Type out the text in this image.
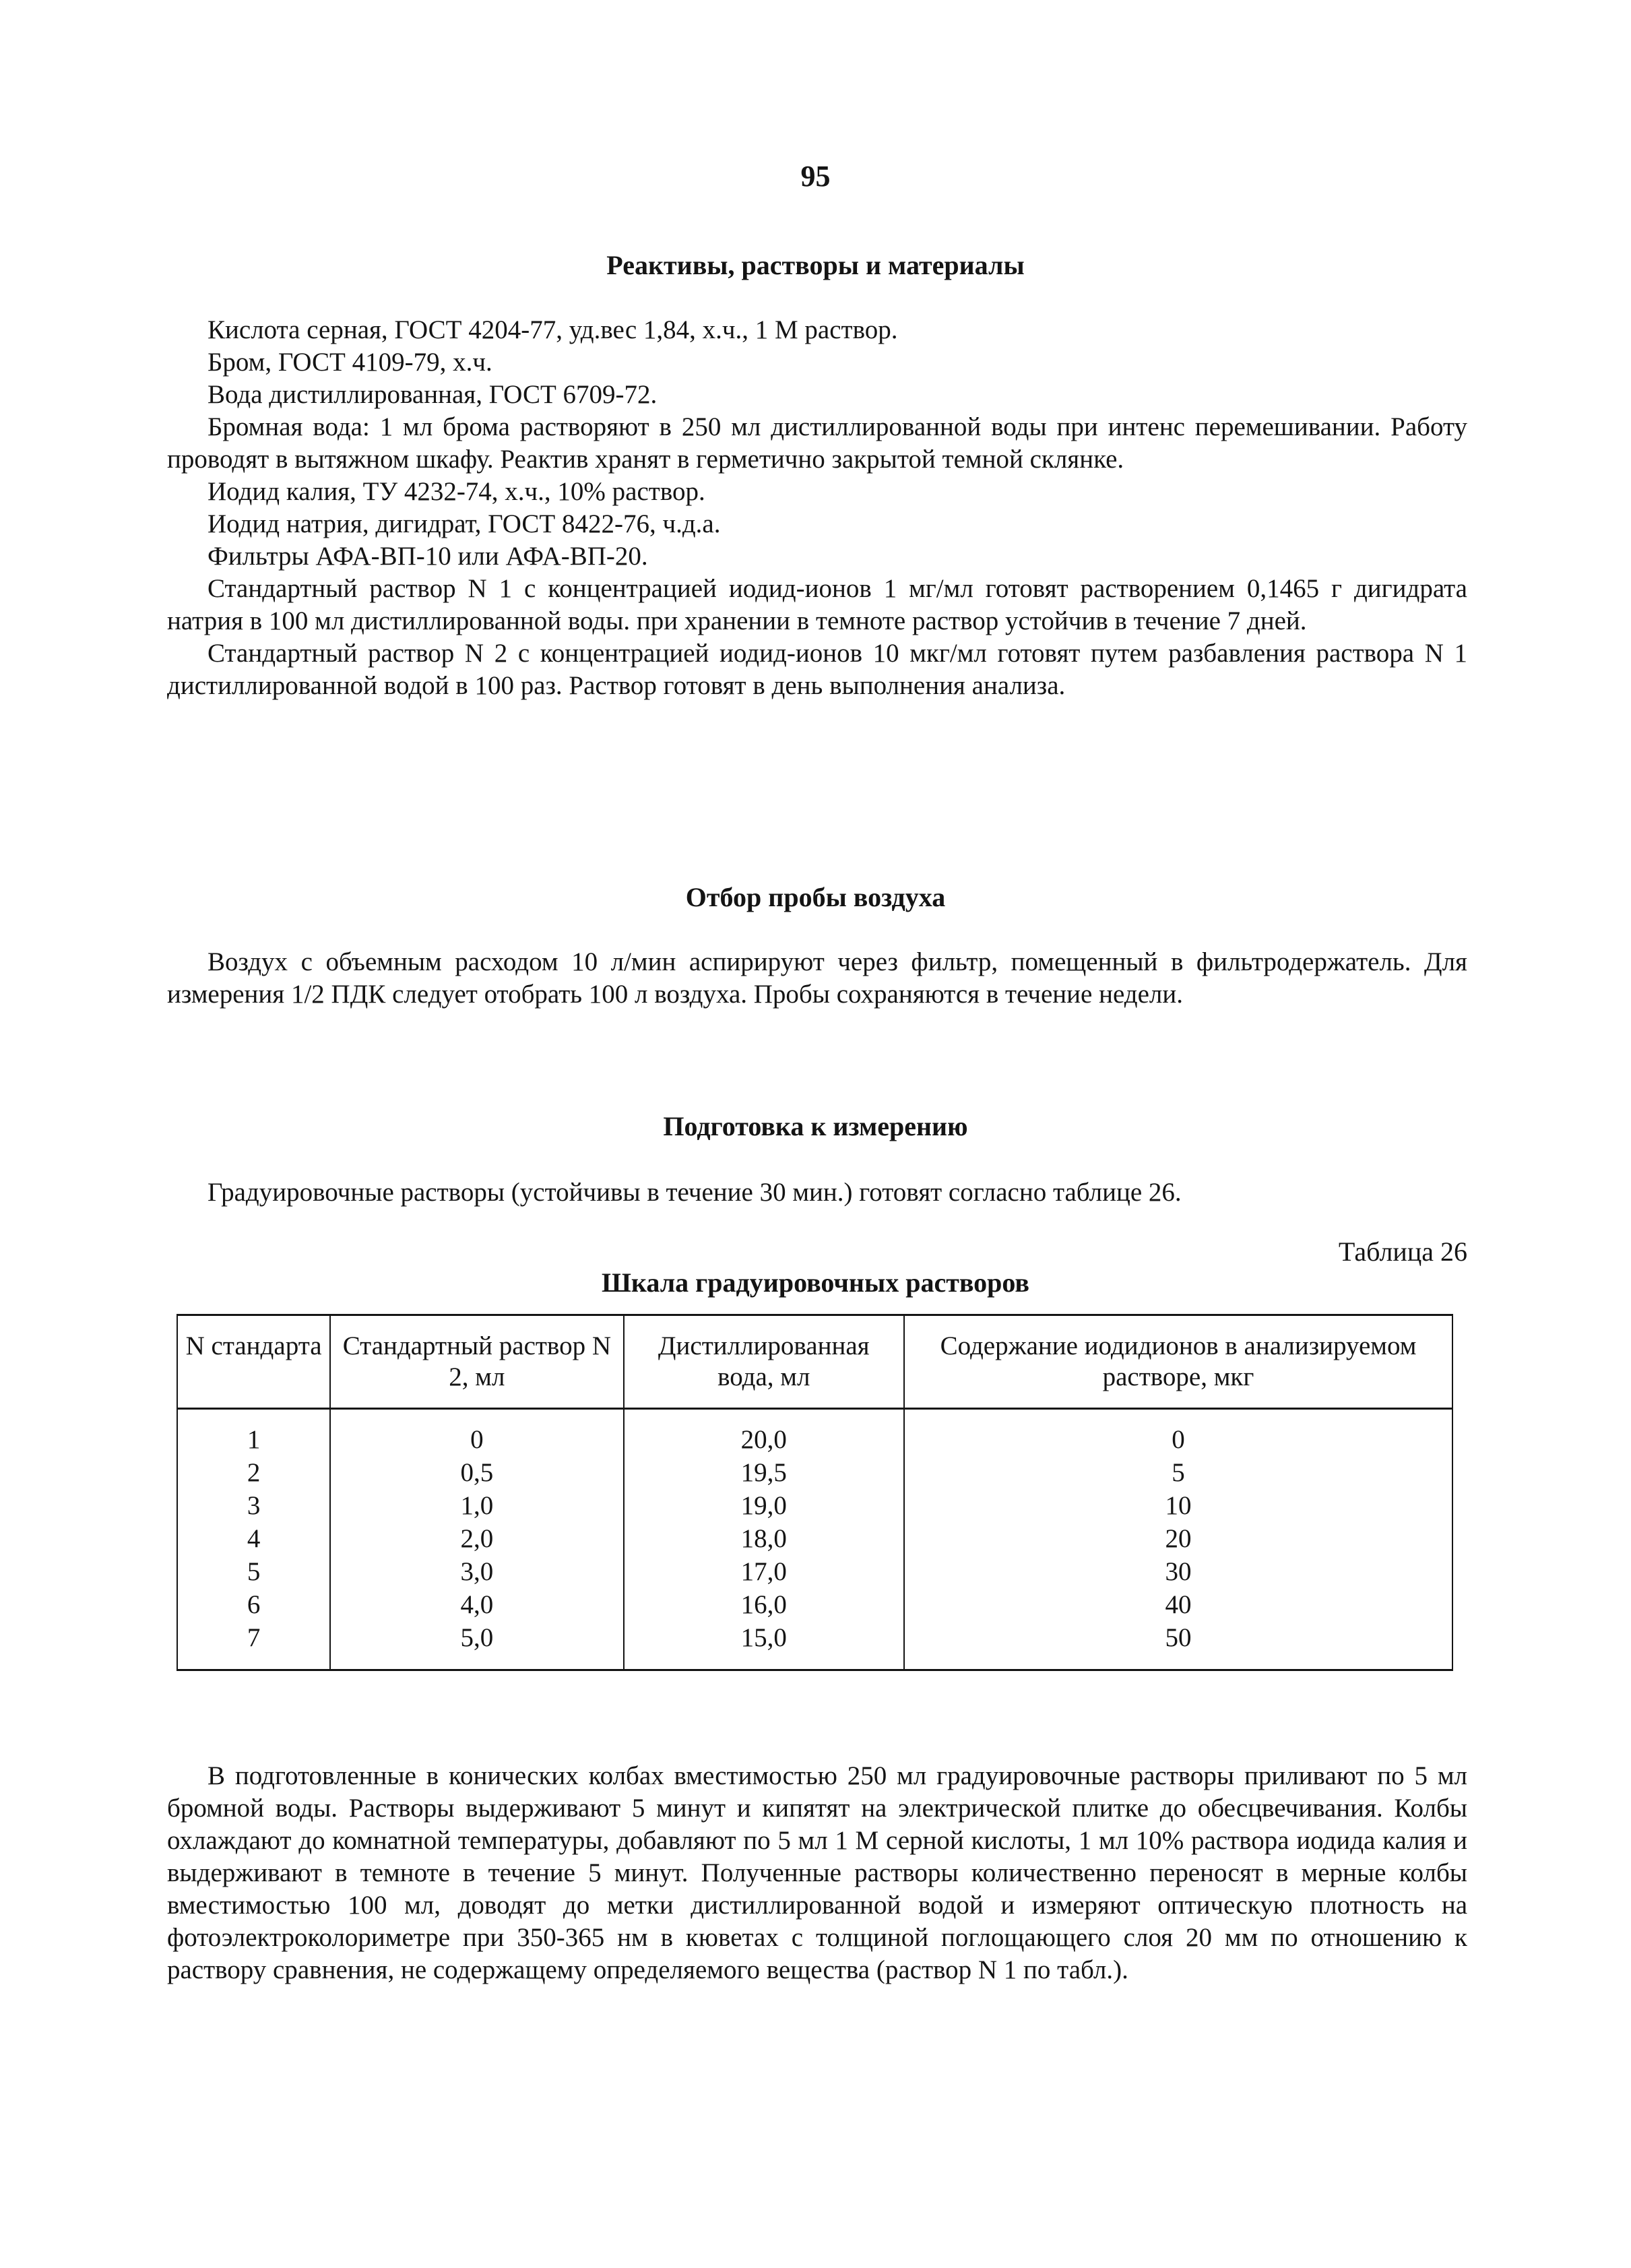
95
Реактивы, растворы и материалы

Кислота серная, ГОСТ 4204-77, уд.вес 1,84, х.ч., 1 М раствор.

Бром, ГОСТ 4109-79, х.ч.

Вода дистиллированная, ГОСТ 6709-72.

Бромная вода: 1 мл брома растворяют в 250 мл дистиллированной воды при интенс перемешивании. Работу проводят в вытяжном шкафу. Реактив хранят в герметично закрытой темной склянке.

Иодид калия, ТУ 4232-74, х.ч., 10% раствор.

Иодид натрия, дигидрат, ГОСТ 8422-76, ч.д.а.

Фильтры АФА-ВП-10 или АФА-ВП-20.

Стандартный раствор N 1 с концентрацией иодид-ионов 1 мг/мл готовят растворением 0,1465 г дигидрата натрия в 100 мл дистиллированной воды. при хранении в темноте раствор устойчив в течение 7 дней.

Стандартный раствор N 2 с концентрацией иодид-ионов 10 мкг/мл готовят путем разбавления раствора N 1 дистиллированной водой в 100 раз. Раствор готовят в день выполнения анализа.

Отбор пробы воздуха

Воздух с объемным расходом 10 л/мин аспирируют через фильтр, помещенный в фильтродержатель. Для измерения 1/2 ПДК следует отобрать 100 л воздуха. Пробы сохраняются в течение недели.

Подготовка к измерению

Градуировочные растворы (устойчивы в течение 30 мин.) готовят согласно таблице 26.

Таблица 26
Шкала градуировочных растворов
N стандарта	Стандартный раствор N 2, мл	Дистиллированная вода, мл	Содержание иодидионов в анализируемом растворе, мкг
1	0	20,0	0
2	0,5	19,5	5
3	1,0	19,0	10
4	2,0	18,0	20
5	3,0	17,0	30
6	4,0	16,0	40
7	5,0	15,0	50

В подготовленные в конических колбах вместимостью 250 мл градуировочные растворы приливают по 5 мл бромной воды. Растворы выдерживают 5 минут и кипятят на электрической плитке до обесцвечивания. Колбы охлаждают до комнатной температуры, добавляют по 5 мл 1 М серной кислоты, 1 мл 10% раствора иодида калия и выдерживают в темноте в течение 5 минут. Полученные растворы количественно переносят в мерные колбы вместимостью 100 мл, доводят до метки дистиллированной водой и измеряют оптическую плотность на фотоэлектроколориметре при 350-365 нм в кюветах с толщиной поглощающего слоя 20 мм по отношению к раствору сравнения, не содержащему определяемого вещества (раствор N 1 по табл.).
